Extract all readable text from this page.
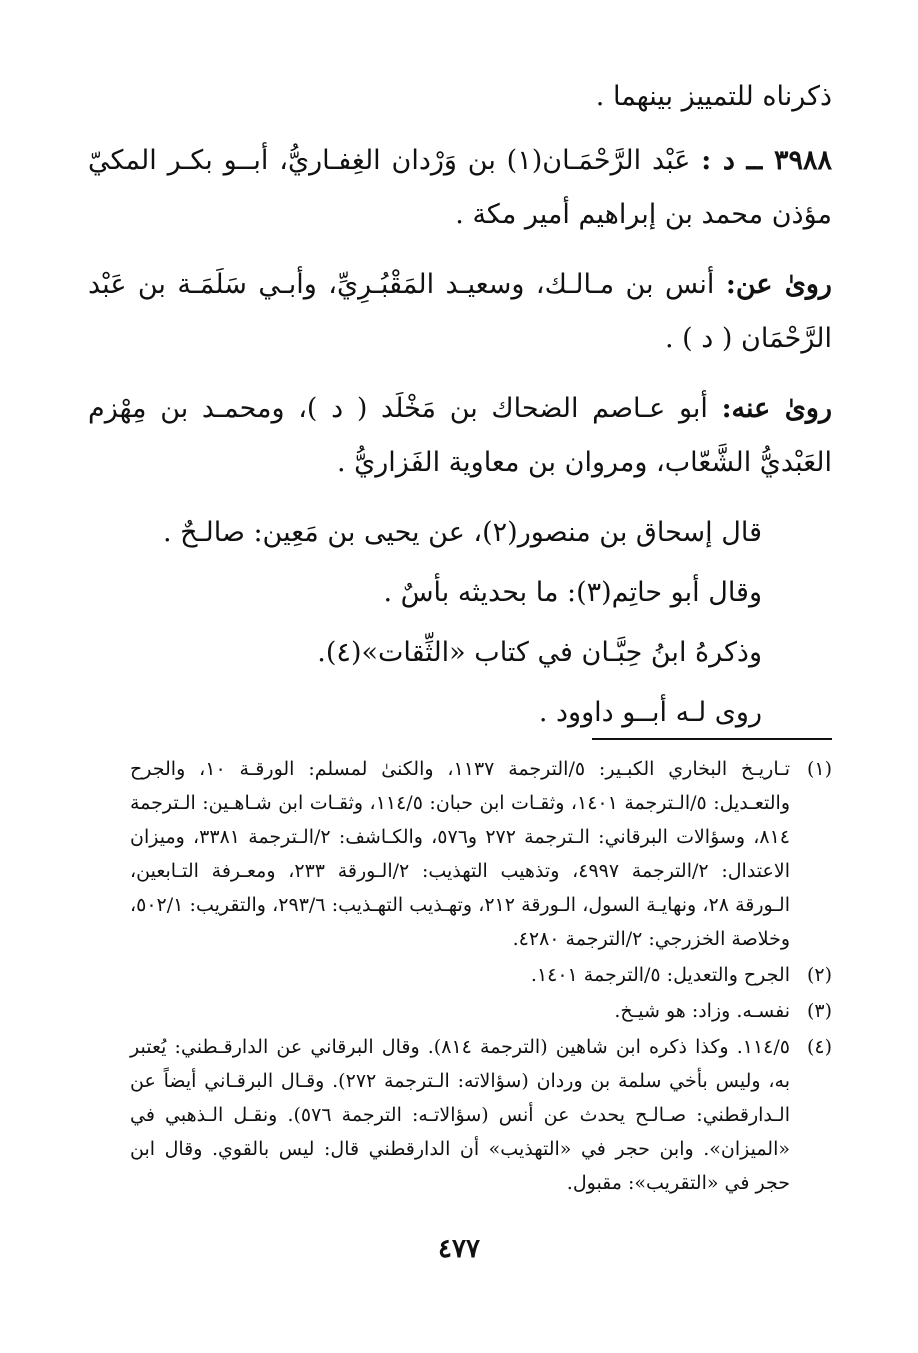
ذكرناه للتمييز بينهما .

٣٩٨٨ ــ د : عَبْد الرَّحْمَـان(١) بن وَرْدان الغِفـاريُّ، أبــو بكـر المكيّ مؤذن محمد بن إبراهيم أمير مكة .

روىٰ عن: أنس بن مـالـك، وسعيـد المَقْبُـرِيِّ، وأبـي سَلَمَـة بن عَبْد الرَّحْمَان ( د ) .

روىٰ عنه: أبو عـاصم الضحاك بن مَخْلَد ( د )، ومحمـد بن مِهْزم العَبْديُّ الشَّعّاب، ومروان بن معاوية الفَزاريُّ .

قال إسحاق بن منصور(٢)، عن يحيى بن مَعِين: صالـحٌ .

وقال أبو حاتِم(٣): ما بحديثه بأسٌ .

وذكرهُ ابنُ حِبَّـان في كتاب «الثِّقات»(٤).

روى لـه أبــو داوود .

(١)
تـاريـخ البخاري الكبـير: ٥/الترجمة ١١٣٧، والكنىٰ لمسلم: الورقـة ١٠، والجرح والتعـديل: ٥/الـترجمة ١٤٠١، وثقـات ابن حبان: ١١٤/٥، وثقـات ابن شـاهـين: الـترجمة ٨١٤، وسؤالات البرقاني: الـترجمة ٢٧٢ و٥٧٦، والكـاشف: ٢/الـترجمة ٣٣٨١، وميزان الاعتدال: ٢/الترجمة ٤٩٩٧، وتذهيب التهذيب: ٢/الـورقة ٢٣٣، ومعـرفة التـابعين، الـورقة ٢٨، ونهايـة السول، الـورقة ٢١٢، وتهـذيب التهـذيب: ٢٩٣/٦، والتقريب: ٥٠٢/١، وخلاصة الخزرجي: ٢/الترجمة ٤٢٨٠.
(٢)
الجرح والتعديل: ٥/الترجمة ١٤٠١.
(٣)
نفسـه. وزاد: هو شيـخ.
(٤)
١١٤/٥. وكذا ذكره ابن شاهين (الترجمة ٨١٤). وقال البرقاني عن الدارقـطني: يُعتبر به، وليس بأخي سلمة بن وردان (سؤالاته: الـترجمة ٢٧٢). وقـال البرقـاني أيضاً عن الـدارقطني: صـالـح يحدث عن أنس (سؤالاتـه: الترجمة ٥٧٦). ونقـل الـذهبي في «الميزان». وابن حجر في «التهذيب» أن الدارقطني قال: ليس بالقوي. وقال ابن حجر في «التقريب»: مقبول.
٤٧٧
